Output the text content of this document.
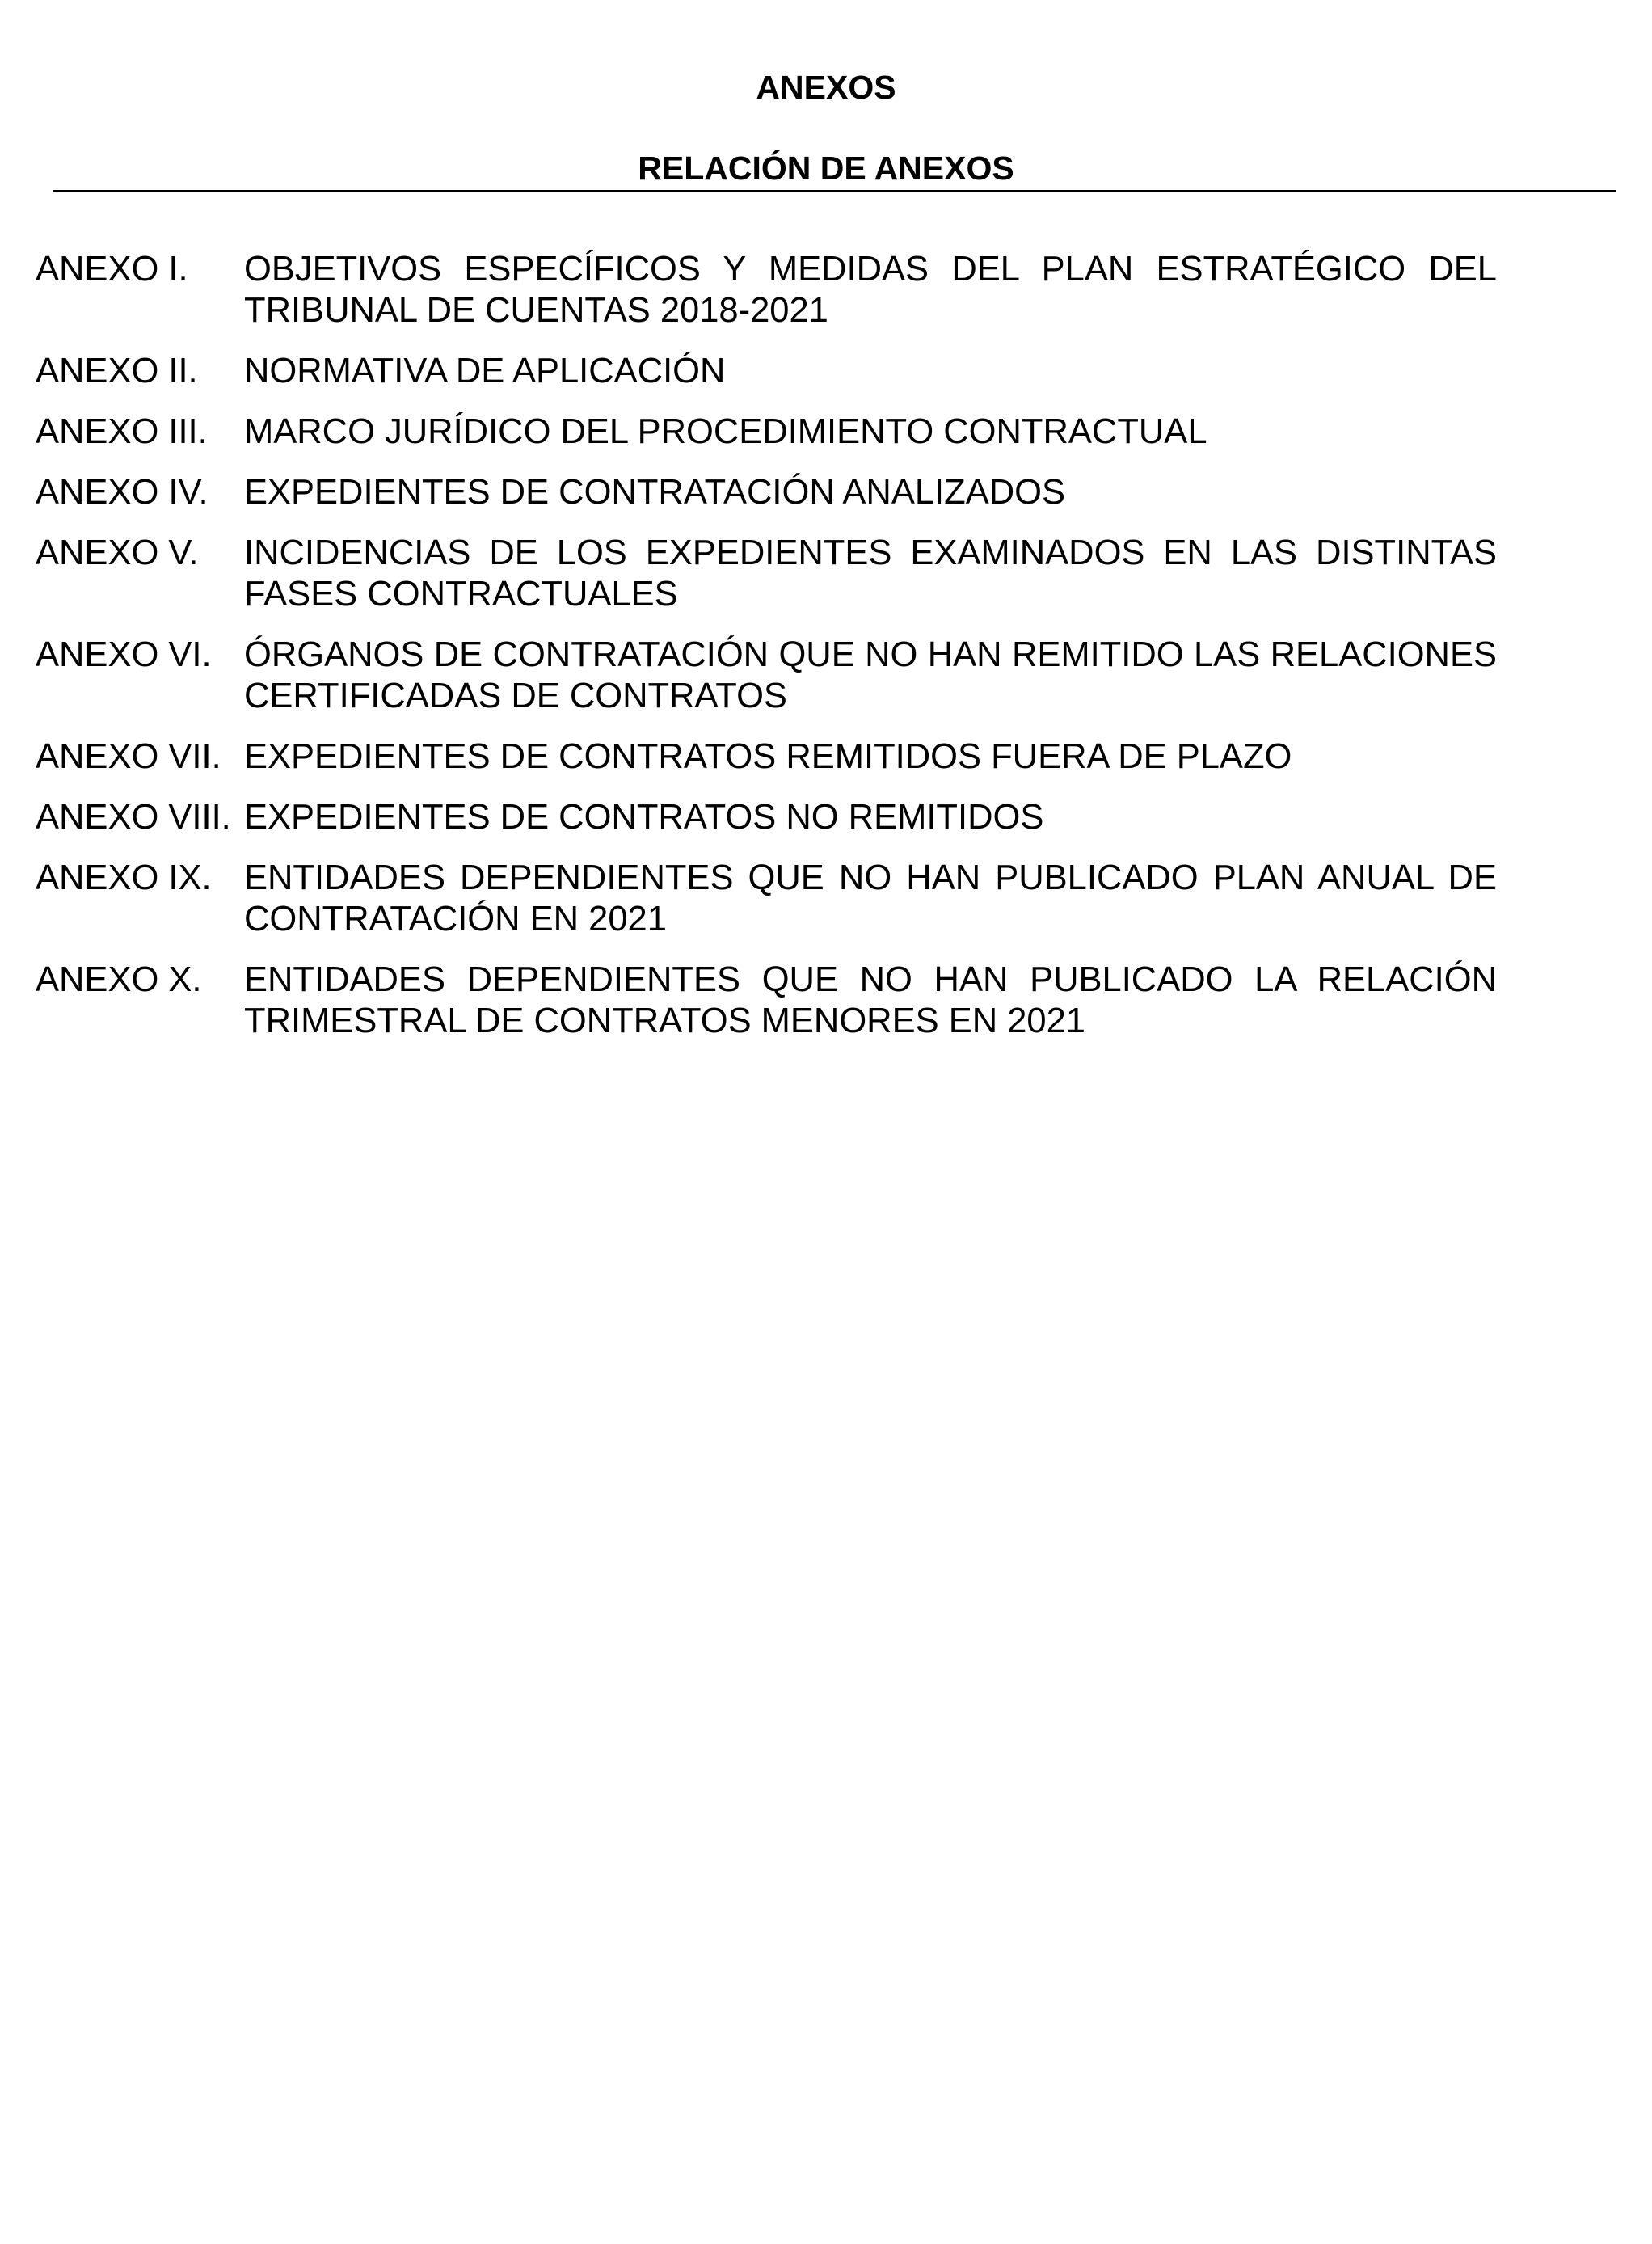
ANEXOS
RELACIÓN DE ANEXOS
ANEXO I.	OBJETIVOS ESPECÍFICOS Y MEDIDAS DEL PLAN ESTRATÉGICO DEL TRIBUNAL DE CUENTAS 2018-2021
ANEXO II.	NORMATIVA DE APLICACIÓN
ANEXO III.	MARCO JURÍDICO DEL PROCEDIMIENTO CONTRACTUAL
ANEXO IV.	EXPEDIENTES DE CONTRATACIÓN ANALIZADOS
ANEXO V.	INCIDENCIAS DE LOS EXPEDIENTES EXAMINADOS EN LAS DISTINTAS FASES CONTRACTUALES
ANEXO VI. ÓRGANOS DE CONTRATACIÓN QUE NO HAN REMITIDO LAS RELACIONES CERTIFICADAS DE CONTRATOS
ANEXO VII. EXPEDIENTES DE CONTRATOS REMITIDOS FUERA DE PLAZO
ANEXO VIII. EXPEDIENTES DE CONTRATOS NO REMITIDOS
ANEXO IX. ENTIDADES DEPENDIENTES QUE NO HAN PUBLICADO PLAN ANUAL DE CONTRATACIÓN EN 2021
ANEXO X.	ENTIDADES DEPENDIENTES QUE NO HAN PUBLICADO LA RELACIÓN TRIMESTRAL DE CONTRATOS MENORES EN 2021
